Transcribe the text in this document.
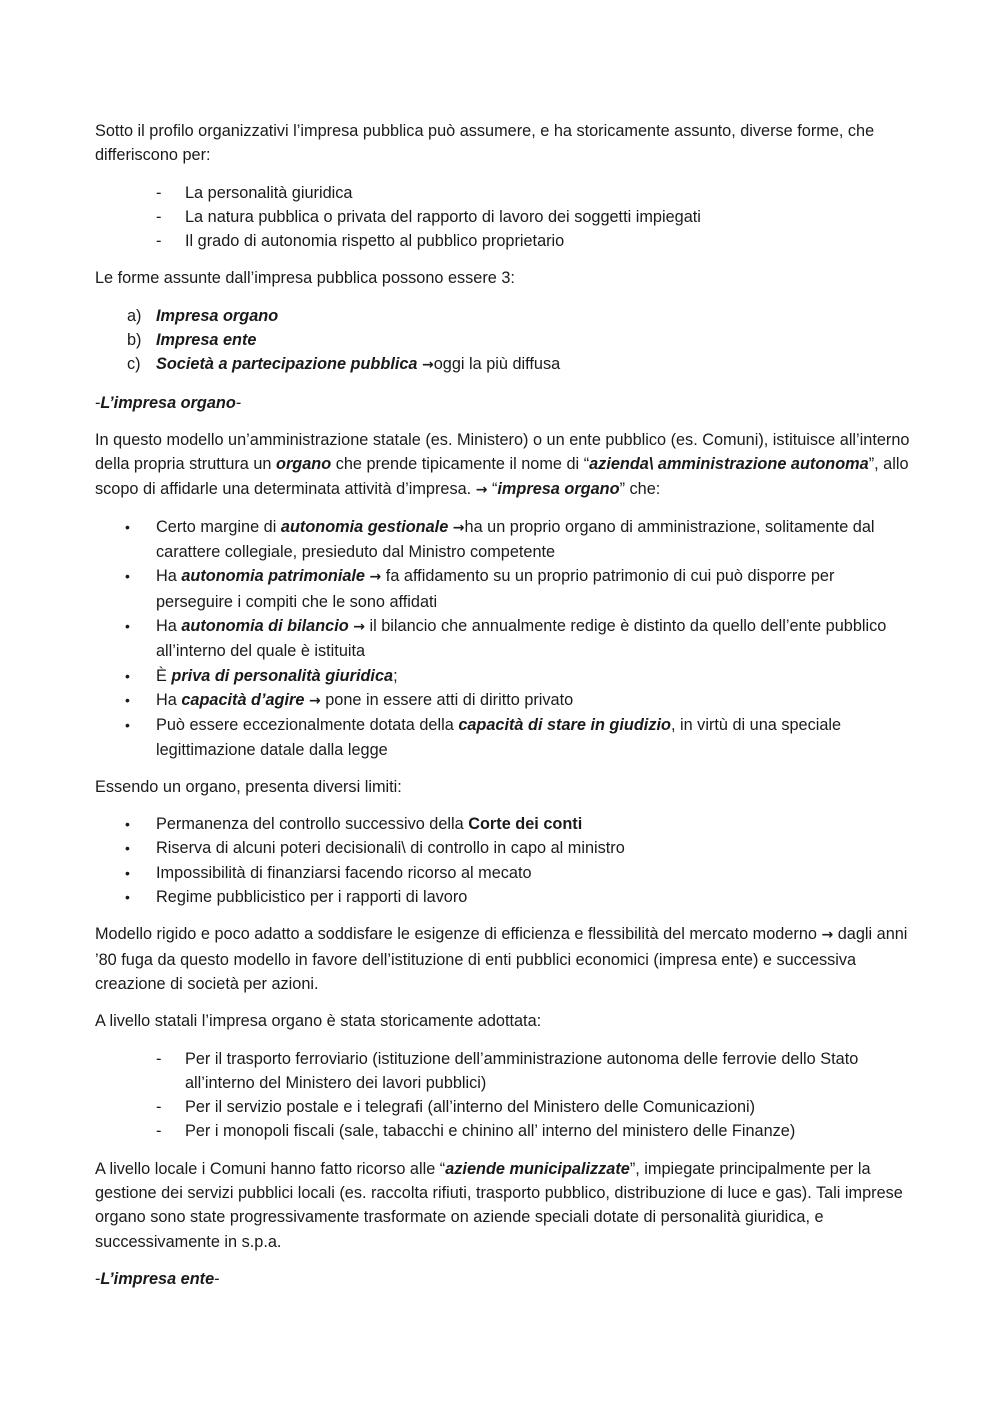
Sotto il profilo organizzativi l’impresa pubblica può assumere, e ha storicamente assunto, diverse forme, che differiscono per:

- La personalità giuridica
- La natura pubblica o privata del rapporto di lavoro dei soggetti impiegati
- Il grado di autonomia rispetto al pubblico proprietario

Le forme assunte dall’impresa pubblica possono essere 3:

a) Impresa organo
b) Impresa ente
c) Società a partecipazione pubblica →oggi la più diffusa

-L’impresa organo-

In questo modello un’amministrazione statale (es. Ministero) o un ente pubblico (es. Comuni), istituisce all’interno della propria struttura un organo che prende tipicamente il nome di “azienda\ amministrazione autonoma”, allo scopo di affidarle una determinata attività d’impresa. → “impresa organo” che:

• Certo margine di autonomia gestionale →ha un proprio organo di amministrazione, solitamente dal carattere collegiale, presieduto dal Ministro competente
• Ha autonomia patrimoniale → fa affidamento su un proprio patrimonio di cui può disporre per perseguire i compiti che le sono affidati
• Ha autonomia di bilancio → il bilancio che annualmente redige è distinto da quello dell’ente pubblico all’interno del quale è istituita
• È priva di personalità giuridica;
• Ha capacità d’agire → pone in essere atti di diritto privato
• Può essere eccezionalmente dotata della capacità di stare in giudizio, in virtù di una speciale legittimazione datale dalla legge

Essendo un organo, presenta diversi limiti:

• Permanenza del controllo successivo della Corte dei conti
• Riserva di alcuni poteri decisionali\ di controllo in capo al ministro
• Impossibilità di finanziarsi facendo ricorso al mecato
• Regime pubblicistico per i rapporti di lavoro

Modello rigido e poco adatto a soddisfare le esigenze di efficienza e flessibilità del mercato moderno → dagli anni ’80 fuga da questo modello in favore dell’istituzione di enti pubblici economici (impresa ente) e successiva creazione di società per azioni.

A livello statali l’impresa organo è stata storicamente adottata:

- Per il trasporto ferroviario (istituzione dell’amministrazione autonoma delle ferrovie dello Stato all’interno del Ministero dei lavori pubblici)
- Per il servizio postale e i telegrafi (all’interno del Ministero delle Comunicazioni)
- Per i monopoli fiscali (sale, tabacchi e chinino all’ interno del ministero delle Finanze)

A livello locale i Comuni hanno fatto ricorso alle “aziende municipalizzate”, impiegate principalmente per la gestione dei servizi pubblici locali (es. raccolta rifiuti, trasporto pubblico, distribuzione di luce e gas). Tali imprese organo sono state progressivamente trasformate on aziende speciali dotate di personalità giuridica, e successivamente in s.p.a.

-L’impresa ente-
